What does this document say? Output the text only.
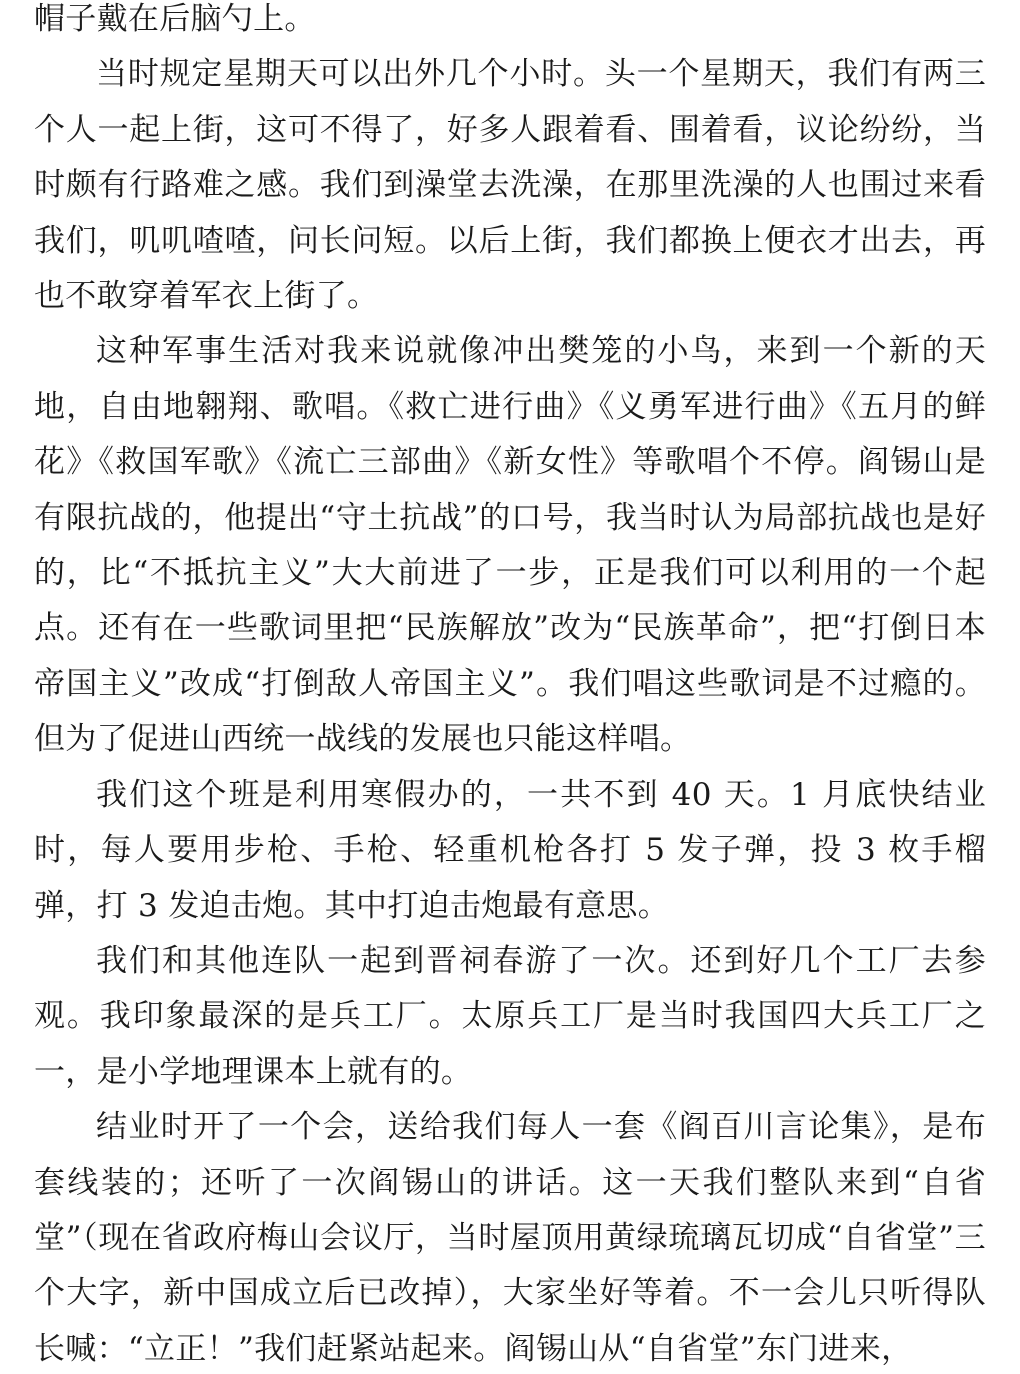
帽子戴在后脑勺上。

当时规定星期天可以出外几个小时。头一个星期天，我们有两三个人一起上街，这可不得了，好多人跟着看、围着看，议论纷纷，当时颇有行路难之感。我们到澡堂去洗澡，在那里洗澡的人也围过来看我们，叽叽喳喳，问长问短。以后上街，我们都换上便衣才出去，再也不敢穿着军衣上街了。

这种军事生活对我来说就像冲出樊笼的小鸟，来到一个新的天地，自由地翱翔、歌唱。《救亡进行曲》《义勇军进行曲》《五月的鲜花》《救国军歌》《流亡三部曲》《新女性》等歌唱个不停。阎锡山是有限抗战的，他提出“守土抗战”的口号，我当时认为局部抗战也是好的，比“不抵抗主义”大大前进了一步，正是我们可以利用的一个起点。还有在一些歌词里把“民族解放”改为“民族革命”，把“打倒日本帝国主义”改成“打倒敌人帝国主义”。我们唱这些歌词是不过瘾的。但为了促进山西统一战线的发展也只能这样唱。

我们这个班是利用寒假办的，一共不到 40 天。1 月底快结业时，每人要用步枪、手枪、轻重机枪各打 5 发子弹，投 3 枚手榴弹，打 3 发迫击炮。其中打迫击炮最有意思。

我们和其他连队一起到晋祠春游了一次。还到好几个工厂去参观。我印象最深的是兵工厂。太原兵工厂是当时我国四大兵工厂之一，是小学地理课本上就有的。

结业时开了一个会，送给我们每人一套《阎百川言论集》，是布套线装的；还听了一次阎锡山的讲话。这一天我们整队来到“自省堂”（现在省政府梅山会议厅，当时屋顶用黄绿琉璃瓦切成“自省堂”三个大字，新中国成立后已改掉），大家坐好等着。不一会儿只听得队长喊：“立正！”我们赶紧站起来。阎锡山从“自省堂”东门进来，
